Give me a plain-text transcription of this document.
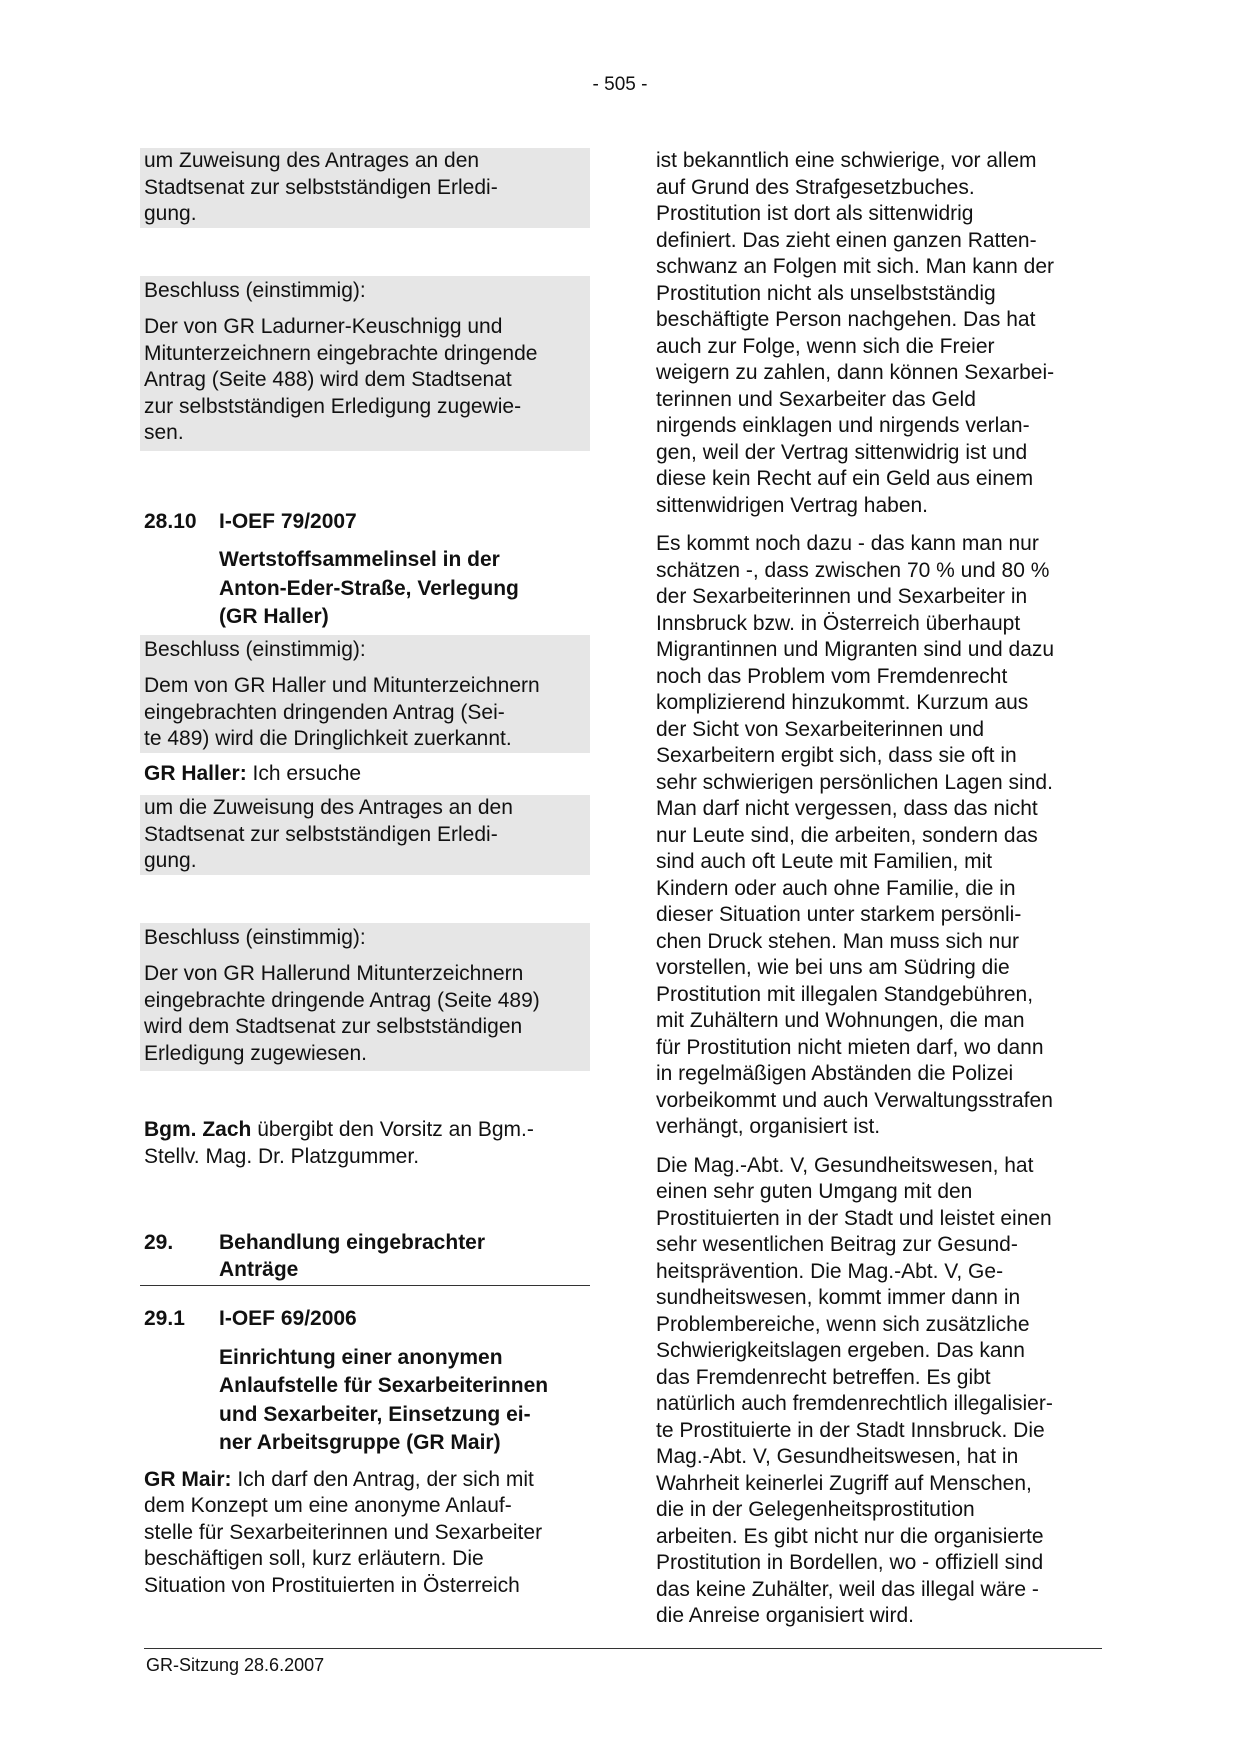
- 505 -
um Zuweisung des Antrages an den
Stadtsenat zur selbstständigen Erledi-
gung.
Beschluss (einstimmig):
Der von GR Ladurner-Keuschnigg und
Mitunterzeichnern eingebrachte dringende
Antrag (Seite 488) wird dem Stadtsenat
zur selbstständigen Erledigung zugewie-
sen.
28.10	I-OEF 79/2007
Wertstoffsammelinsel in der
Anton-Eder-Straße, Verlegung
(GR Haller)
Beschluss (einstimmig):
Dem von GR Haller und Mitunterzeichnern
eingebrachten dringenden Antrag (Sei-
te 489) wird die Dringlichkeit zuerkannt.
GR Haller: Ich ersuche
um die Zuweisung des Antrages an den
Stadtsenat zur selbstständigen Erledi-
gung.
Beschluss (einstimmig):
Der von GR Hallerund Mitunterzeichnern
eingebrachte dringende Antrag (Seite 489)
wird dem Stadtsenat zur selbstständigen
Erledigung zugewiesen.
Bgm. Zach übergibt den Vorsitz an Bgm.-
Stellv. Mag. Dr. Platzgummer.
29.	Behandlung eingebrachter
Anträge
29.1	I-OEF 69/2006
Einrichtung einer anonymen
Anlaufstelle für Sexarbeiterinnen
und Sexarbeiter, Einsetzung ei-
ner Arbeitsgruppe (GR Mair)
GR Mair: Ich darf den Antrag, der sich mit
dem Konzept um eine anonyme Anlauf-
stelle für Sexarbeiterinnen und Sexarbeiter
beschäftigen soll, kurz erläutern. Die
Situation von Prostituierten in Österreich
ist bekanntlich eine schwierige, vor allem
auf Grund des Strafgesetzbuches.
Prostitution ist dort als sittenwidrig
definiert. Das zieht einen ganzen Ratten-
schwanz an Folgen mit sich. Man kann der
Prostitution nicht als unselbstständig
beschäftigte Person nachgehen. Das hat
auch zur Folge, wenn sich die Freier
weigern zu zahlen, dann können Sexarbei-
terinnen und Sexarbeiter das Geld
nirgends einklagen und nirgends verlan-
gen, weil der Vertrag sittenwidrig ist und
diese kein Recht auf ein Geld aus einem
sittenwidrigen Vertrag haben.
Es kommt noch dazu - das kann man nur
schätzen -, dass zwischen 70 % und 80 %
der Sexarbeiterinnen und Sexarbeiter in
Innsbruck bzw. in Österreich überhaupt
Migrantinnen und Migranten sind und dazu
noch das Problem vom Fremdenrecht
komplizierend hinzukommt. Kurzum aus
der Sicht von Sexarbeiterinnen und
Sexarbeitern ergibt sich, dass sie oft in
sehr schwierigen persönlichen Lagen sind.
Man darf nicht vergessen, dass das nicht
nur Leute sind, die arbeiten, sondern das
sind auch oft Leute mit Familien, mit
Kindern oder auch ohne Familie, die in
dieser Situation unter starkem persönli-
chen Druck stehen. Man muss sich nur
vorstellen, wie bei uns am Südring die
Prostitution mit illegalen Standgebühren,
mit Zuhältern und Wohnungen, die man
für Prostitution nicht mieten darf, wo dann
in regelmäßigen Abständen die Polizei
vorbeikommt und auch Verwaltungsstrafen
verhängt, organisiert ist.
Die Mag.-Abt. V, Gesundheitswesen, hat
einen sehr guten Umgang mit den
Prostituierten in der Stadt und leistet einen
sehr wesentlichen Beitrag zur Gesund-
heitsprävention. Die Mag.-Abt. V, Ge-
sundheitswesen, kommt immer dann in
Problembereiche, wenn sich zusätzliche
Schwierigkeitslagen ergeben. Das kann
das Fremdenrecht betreffen. Es gibt
natürlich auch fremdenrechtlich illegalisier-
te Prostituierte in der Stadt Innsbruck. Die
Mag.-Abt. V, Gesundheitswesen, hat in
Wahrheit keinerlei Zugriff auf Menschen,
die in der Gelegenheitsprostitution
arbeiten. Es gibt nicht nur die organisierte
Prostitution in Bordellen, wo - offiziell sind
das keine Zuhälter, weil das illegal wäre -
die Anreise organisiert wird.
GR-Sitzung 28.6.2007
